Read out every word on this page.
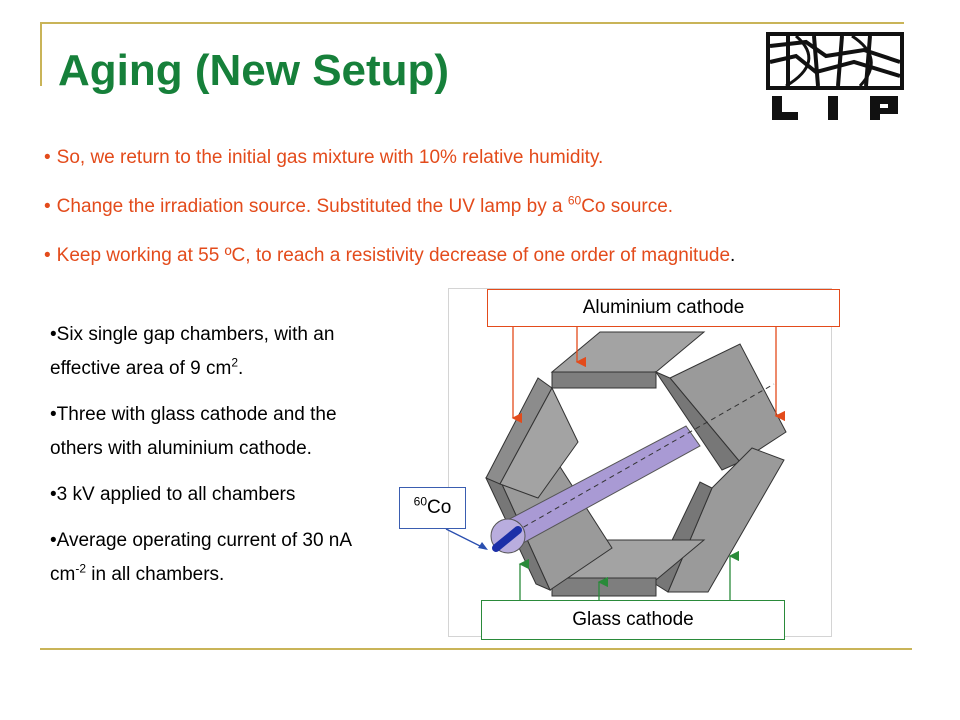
Aging (New Setup)
• So, we return to the initial gas mixture with 10% relative humidity.
• Change the irradiation source. Substituted the UV lamp by a $^{60}$Co source.
• Keep working at 55 ºC, to reach a resistivity decrease of one order of magnitude.
•Six single gap chambers, with an effective area of 9 $cm^2$.
•Three with glass cathode and the others with aluminium cathode.
•3 kV applied to all chambers
•Average operating current of 30 nA $cm^{-2}$ in all chambers.
Aluminium cathode
Glass cathode
$^{60}$Co
